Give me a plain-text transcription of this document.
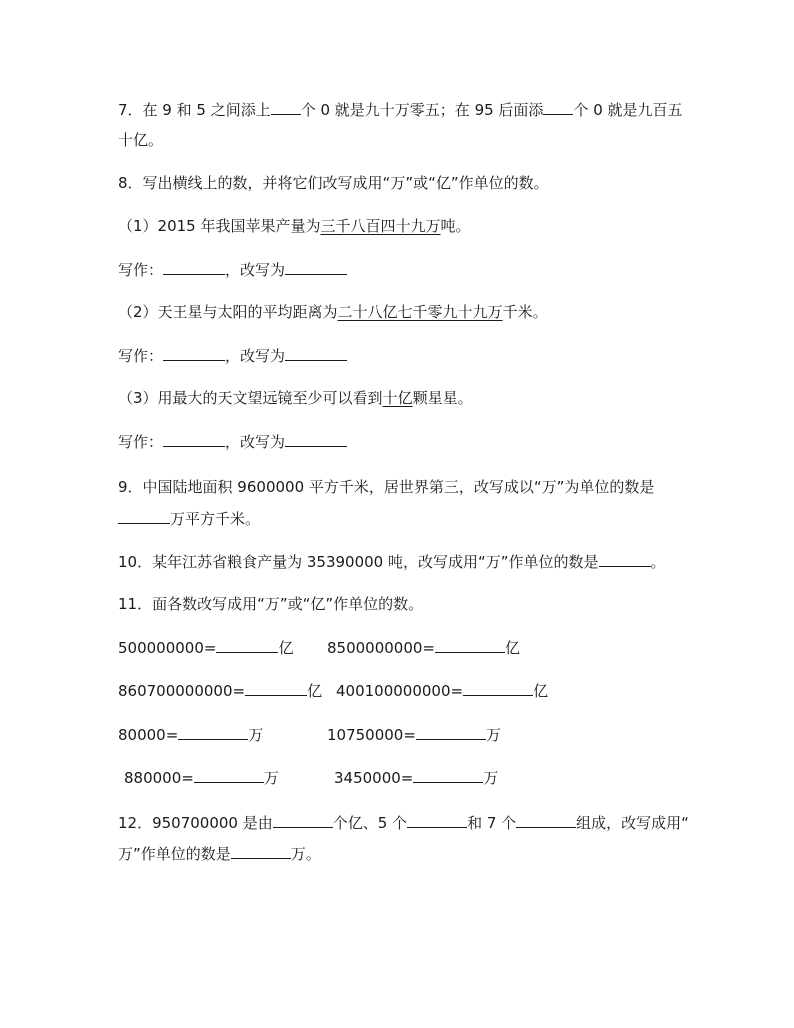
7．在 9 和 5 之间添上 个 0 就是九十万零五；在 95 后面添 个 0 就是九百五
十亿。
8．写出横线上的数，并将它们改写成用“万”或“亿”作单位的数。
（1）2015 年我国苹果产量为三千八百四十九万吨。
写作：	，改写为
（2）天王星与太阳的平均距离为二十八亿七千零九十九万千米。
写作：	，改写为
（3）用最大的天文望远镜至少可以看到十亿颗星星。
写作：	，改写为
9．中国陆地面积 9600000 平方千米，居世界第三，改写成以“万”为单位的数是
万平方千米。
10．某年江苏省粮食产量为 35390000 吨，改写成用“万”作单位的数是	。
11．面各数改写成用“万”或“亿”作单位的数。
500000000=	亿 8500000000=	亿
860700000000=	亿 400100000000=	亿
80000=	万	10750000=	万
880000=	万	3450000=	万
12．950700000 是由	个亿、5 个	和 7 个	组成，改写成用“
万”作单位的数是	万。
